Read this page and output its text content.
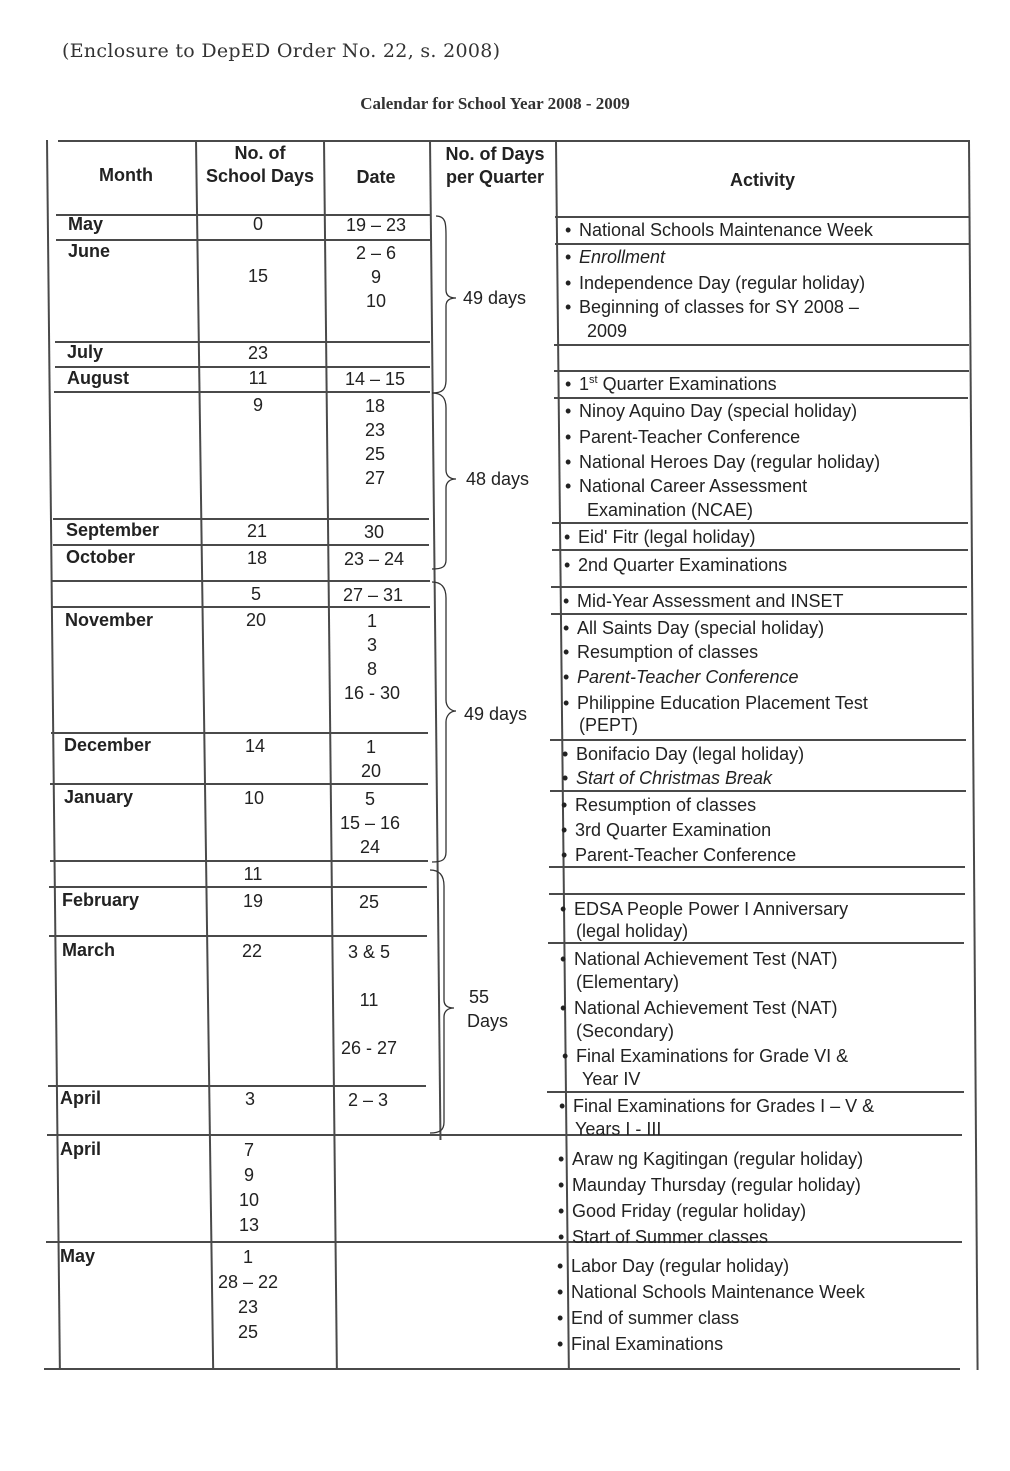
(Enclosure to DepED Order No. 22, s. 2008)
Calendar for School Year 2008 - 2009
Month
No. of School Days	Date
No. of Days per Quarter	Activity
May
June
July
August
September
October
November
December
January
February
March
April
April
May
0
15
23
11
9
21
18
5
20
14
10
11
19
22
3
7
9
10
13
1
28 – 22
23
25
19 – 23
2 – 6
9
10
14 – 15
18
23
25
27
30
23 – 24
27 – 31
1
3
8
16 - 30
1
20
5
15 – 16
24
25
3 & 5
11
26 - 27
2 – 3
49 days
48 days
49 days
55
Days
• National Schools Maintenance Week
• Enrollment
• Independence Day (regular holiday)
• Beginning of classes for SY 2008 –
2009
• 1st Quarter Examinations
• Ninoy Aquino Day (special holiday)
• Parent-Teacher Conference
• National Heroes Day (regular holiday)
• National Career Assessment
Examination (NCAE)
• Eid' Fitr (legal holiday)
• 2nd Quarter Examinations
• Mid-Year Assessment and INSET
• All Saints Day (special holiday)
• Resumption of classes
• Parent-Teacher Conference
• Philippine Education Placement Test
(PEPT)
• Bonifacio Day (legal holiday)
• Start of Christmas Break
• Resumption of classes
• 3rd Quarter Examination
• Parent-Teacher Conference
• EDSA People Power I Anniversary
(legal holiday)
• National Achievement Test (NAT)
(Elementary)
• National Achievement Test (NAT)
(Secondary)
• Final Examinations for Grade VI &
Year IV
• Final Examinations for Grades I – V &
Years I - III
• Araw ng Kagitingan (regular holiday)
• Maunday Thursday (regular holiday)
• Good Friday (regular holiday)
• Start of Summer classes
• Labor Day (regular holiday)
• National Schools Maintenance Week
• End of summer class
• Final Examinations
